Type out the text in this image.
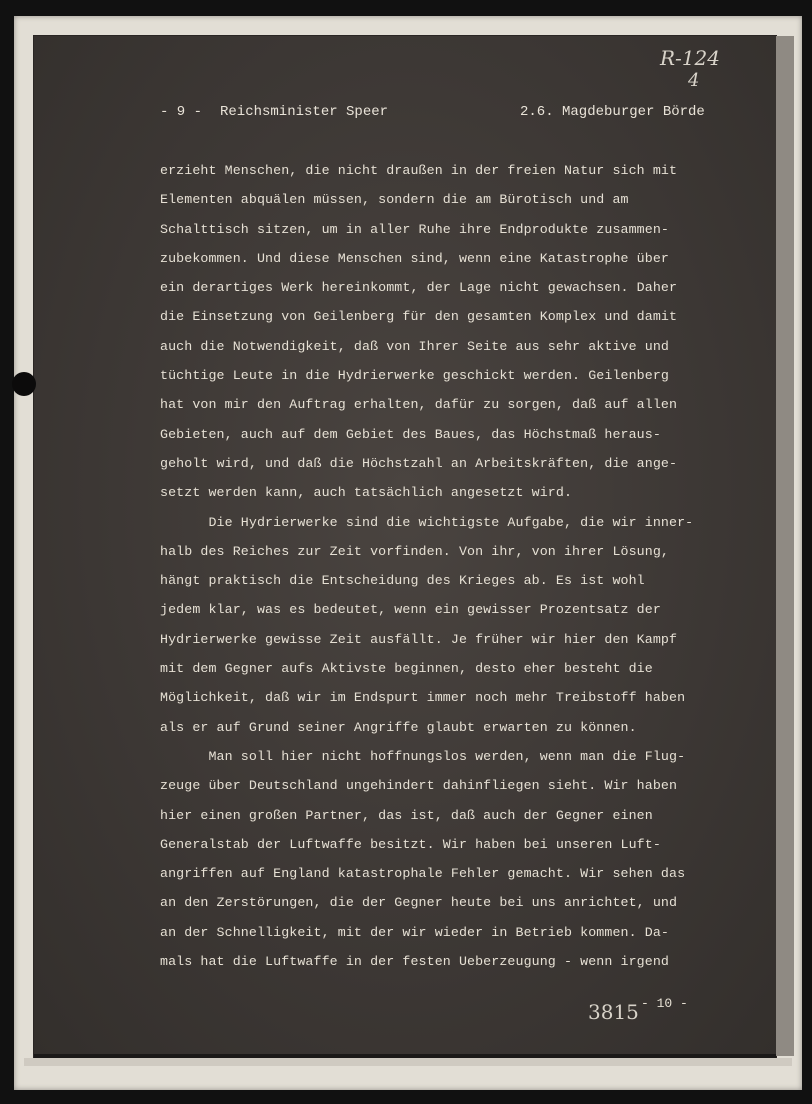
R-124
4
- 9 - Reichsminister Speer	2.6. Magdeburger Börde
erzieht Menschen, die nicht draußen in der freien Natur sich mit
Elementen abquälen müssen, sondern die am Bürotisch und am
Schalttisch sitzen, um in aller Ruhe ihre Endprodukte zusammen-
zubekommen. Und diese Menschen sind, wenn eine Katastrophe über
ein derartiges Werk hereinkommt, der Lage nicht gewachsen. Daher
die Einsetzung von Geilenberg für den gesamten Komplex und damit
auch die Notwendigkeit, daß von Ihrer Seite aus sehr aktive und
tüchtige Leute in die Hydrierwerke geschickt werden. Geilenberg
hat von mir den Auftrag erhalten, dafür zu sorgen, daß auf allen
Gebieten, auch auf dem Gebiet des Baues, das Höchstmaß heraus-
geholt wird, und daß die Höchstzahl an Arbeitskräften, die ange-
setzt werden kann, auch tatsächlich angesetzt wird.
Die Hydrierwerke sind die wichtigste Aufgabe, die wir inner-
halb des Reiches zur Zeit vorfinden. Von ihr, von ihrer Lösung,
hängt praktisch die Entscheidung des Krieges ab. Es ist wohl
jedem klar, was es bedeutet, wenn ein gewisser Prozentsatz der
Hydrierwerke gewisse Zeit ausfällt. Je früher wir hier den Kampf
mit dem Gegner aufs Aktivste beginnen, desto eher besteht die
Möglichkeit, daß wir im Endspurt immer noch mehr Treibstoff haben
als er auf Grund seiner Angriffe glaubt erwarten zu können.
Man soll hier nicht hoffnungslos werden, wenn man die Flug-
zeuge über Deutschland ungehindert dahinfliegen sieht. Wir haben
hier einen großen Partner, das ist, daß auch der Gegner einen
Generalstab der Luftwaffe besitzt. Wir haben bei unseren Luft-
angriffen auf England katastrophale Fehler gemacht. Wir sehen das
an den Zerstörungen, die der Gegner heute bei uns anrichtet, und
an der Schnelligkeit, mit der wir wieder in Betrieb kommen. Da-
mals hat die Luftwaffe in der festen Ueberzeugung - wenn irgend
3815 - 10 -
